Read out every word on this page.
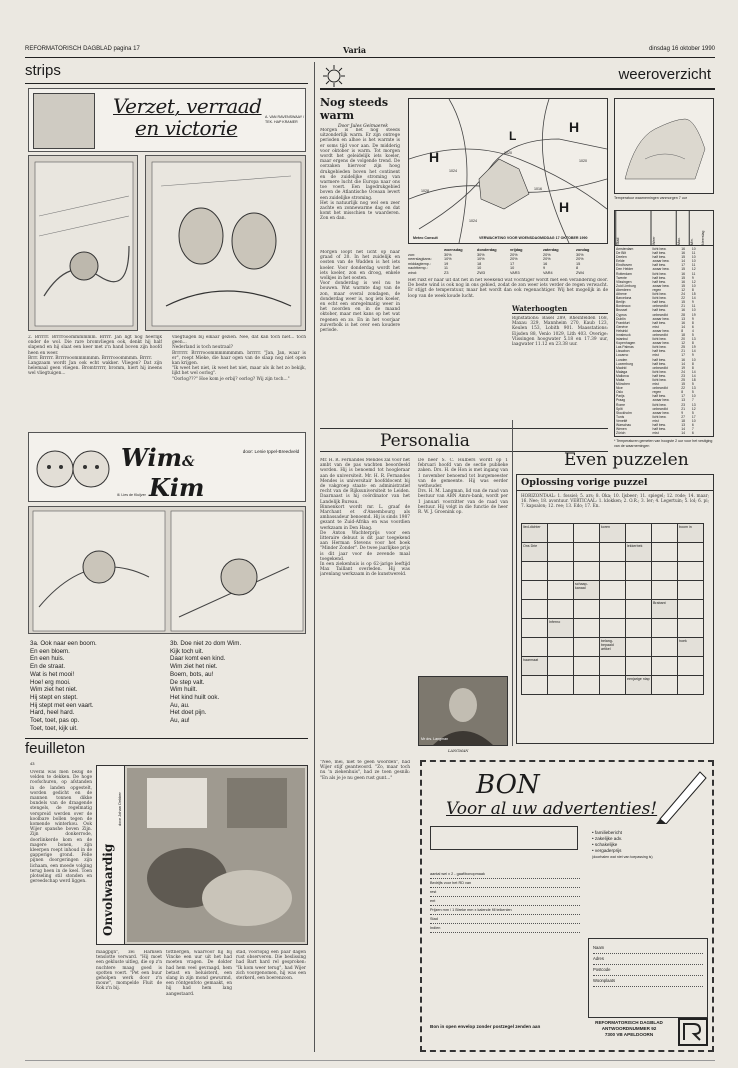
REFORMATORISCH DAGBLAD pagina 17	Varia	dinsdag 16 oktober 1990
strips
Verzet, verraad
en victorie	A. VAN RAVENSWAAY / TEK. HAP KRAMER

2. Brrrrr. Brrrrooommmmmm. Brrrr. Jan ligt nog heerlijk onder de wol. Die rare bromvliegen ook, denkt hij half slapend en hij slaat een keer met z'n hand boven zijn hoofd heen en weer.

Brrr. Brrrrr. Brrrrooommmmmm. Brrrrooommmm. Brrrr.

Langzaam wordt Jan ook echt wakker. Vliegen? Dat zijn helemaal geen vliegen. Bromtrrrrr, bromm, hiert hij ineens wel vliegtuigen...

vliegtuigen bij elkaar gezien. Nee, dat kan toch niet... toch geen...

Nederland is toch neutraal?

Brrrrrr. Brrrrooommmmmmmm. brrrrr. "Jan, Jan, waar is er", roept Mieke, die haar ogen van de slaap nog niet open kan krijgen.

"Ik weet het niet, ik weet het niet, maar als ik het zo bekijk, lijkt het wel oorlog".

"Oorlog???" Hoe kom je erbij? oorlog? Wij zijn toch..."

Wim&
Kim
door: Lenie Ippel-Breedveld
ill. Lies de Kluijver
3a. Ook naar een boom.
En een bloem.
En een huis.
En de straat.
Wat is het mooi!
Hoe! erg mooi.
Wim ziet het niet.
Hij stept en stept.
Hij stept met een vaart.
Hard, heel hard.
Toet, toet, pas op.
Toet, toet, kijk uit.
3b. Doe niet zo dom Wim.
Kijk toch uit.
Daar komt een kind.
Wim ziet het niet.
Boem, bots, au!
De step valt.
Wim huilt.
Het kind huilt ook.
Au, au.
Het doet pijn.
Au, au!
feuilleton
43
Overal was men bezig de velden te dekken. De hoge roofschuren, op afstanden in de landen opgestelt, worden gedicht en de mannen tonnen dikke bundels van de draagende stengels, de regelmatig verspreid werden over de koolbare bollen tegen de komende winterkou. Ook Wijer spanshe boven Zijn. Zijn donkerrode, doorlinkerde kom en de magere bonen, zijn kleerpen roept inhoud in de gapperige grond. Felle pijnen doorgeringen zijn lichaam, een moede volging terug heen in de keel. Toen plotseling stil stonden en gereedschap werd liggen.	Onvolwaardig
door Johan Dekker
maagpijn", zei Harksen tenslotte verward. "Hij moet een gekluste uitleg, die op z'n nuchtere maag goed is spotten voert. "Pet een buur geholpen werk door z'n mouw", mompelde Fluit de Kok z'n bij.
tottnergen, waarvoor hij bij Vincke een uur uit het had moeten vragen. De dokter had hem veel gevraagd, hem betast en beluisterd, een slang in zijn mond gewurmd, een röntgenfoto gemaakt, en hij had hem lang aangestaard.

stad, voorlopig een paar dagen rust observeren. Die beslissing had Bart hard rel gesproken: "Ik kom weer terug", had Wijer zich voorgenomen, hij was een sterkerd, een boerenzoon.

weeroverzicht
Nog steeds warm
Door Jules Geimaerek

Morgen is het nog steeds uitzonderlijk warm. Er zijn ontrege perioden en alhoe is het warmte is er soms tijd voor aan. De midderig voor oktober is warm. Tot morgen wordt het geleidelijk iets koeler, maar ergens de volgende trend. De oorzaken hiervoor zijn hoog drukgebieden boven het continent en de zuidelijke stroming van warmere lucht die Europa naar ons toe voert. Een lagedrukgebied boven de Atlantische Oceaan levert een zuidelijke stroming.

Het is natuurlijk nog wel een zeer zachte en zonnewarme dag en dat komt het misschien te waarderen. Zon en dan.

Morgen loopt het licht op naar graad of 20. In het zuidelijk en oosten van de Wadden is het iets koeler. Voor donderdag wordt het iets koeler, zon en droog, enkele wolkjes in het oosten.

Voor donderdag is wel nu te bouwen. Wat warmte dag van de zon, maar overal zondagen, de donderdag weer is, nog iets koeler, en echt een onregelmatig weer in het noorden en in de maand oktober, maar met kans op het wat regenen en zo. En in het voorjaar zuiverbolk is het over een koudere periode.

H
H
L
H
1028
1024
1020
1016
1020
1024
Meteo Consult	VERWACHTING VOOR WOENSDAGMIDDAG 17 OKTOBER 1990
woensdag	donderdag	vrijdag	zaterdag	zondag
zon:	30%	30%	20%	20%	30%
neerslagkans:	10%	10%	20%	20%	20%
middagtemp.:	19	18	17	16	15
nachttemp.:	11	10	10	9	8
wind:	Z3	ZW3	VAR3	VAR4	ZW4
Het rukt er naar uit dat het in het weekend wat vochtiger wordt met een verandering door. De beste wind is ook nog in ons gebied, zodat de zon weer iets verder de regen verwacht. Er stijgt de temperatuur, maar het wordt dan ook regenachtiger. Wij het mogelijk in de loop van de week koude lucht.
Personalia

Mr. H. R. Fernandes Mendes zal voor het ambt van de pas wachten beoordeeld worden. Hij is benoemd tot hoogleraar aan de universiteit. Mr. H. R. Fernandes Mendes is universitair hoofddocent bij de vakgroep staats- en administratief recht van de Rijksuniversiteit te Leiden. Daarnaast is hij coördinator van het Landelijk Bureau.

Binnenkort wordt mr. L. graaf de Marchant et d'Ansembourg als ambassadeur benoemd. Hij is sinds 1987 gezant te Zuid-Afrika en was voordien werkzaam in Den Haag.

De Anton Wachterprijs voor een litteraire debuut is dit jaar toegekend aan Herman Stevens voor het boek "Minder Zonder". De twee jaarlijkse prijs is dit jaar voor de zevende maal toegekend.

In een ziekenhuis is op 62-jarige leeftijd Max Taillant overleden. Hij was jarenlang werkzaam in de kunstwereld.

De heer S. C. Hulbers wordt op 1 februari hoofd van de sectie publieke zaken. Drs. H. de Hon is met ingang van 1 november benoemd tot burgemeester van de gemeente. Hij was eerder wethouder.

Drs. H. M. Langman, lid van de raad van bestuur van ABN Amro-bank, wordt per 1 januari voorzitter van de raad van bestuur. Hij volgt in die functie de heer R. W. J. Groenink op.

Mr drs. Langman
LANGMAN
Waterhoogten
Rijnstations: Basel 289, Rheinfelden 168, Maxau 329, Mannheim 270, Kaub 123, Keulen 153, Lobith 901. Maasstations: Eijsden 88, Venlo 1029, Lith 403. Overige: Vlissingen hoogwater 5.18 en 17.39 uur, laagwater 11.12 en 23.38 uur.
Temperatuur waarnemingen vanmorgen 7 uur
Stad	Weer	Max.	Min.	Neerslag
Amsterdam	licht bew.	16	10
De Bilt	half bew.	16	11
Deelen	half bew.	15	10
Eelde	zwaar bew.	14	10
Eindhoven	half bew.	17	11
Den Helder	zwaar bew.	15	12
Rotterdam	licht bew.	16	11
Twente	half bew.	15	9
Vlissingen	half bew.	16	12
Zuid Limburg	zwaar bew.	15	10
Aberdeen	regen	12	8
Athene	licht bew.	24	15
Barcelona	licht bew.	22	14
Berlijn	half bew.	15	9
Bordeaux	onbewolkt	21	11
Brussel	half bew.	16	10
Cyprus	onbewolkt	28	19
Dublin	zwaar bew.	13	9
Frankfurt	half bew.	16	8
Genève	mist	14	6
Helsinki	zwaar bew.	8	4
Innsbruck	onbewolkt	18	5
Istanbul	licht bew.	20	13
Kopenhagen	zwaar bew.	12	8
Las Palmas	licht bew.	25	19
Lissabon	half bew.	21	14
Locarno	mist	17	9
Londen	half bew.	16	10
Luxemburg	half bew.	14	8
Madrid	onbewolkt	19	8
Malaga	licht bew.	24	14
Mallorca	half bew.	23	14
Malta	licht bew.	25	18
München	mist	15	5
Nice	onbewolkt	22	13
Oslo	regen	8	5
Parijs	half bew.	17	10
Praag	zwaar bew.	13	7
Rome	licht bew.	23	13
Split	onbewolkt	21	12
Stockholm	zwaar bew.	9	5
Tunis	licht bew.	27	17
Venetië	mist	18	10
Warschau	half bew.	13	6
Wenen	half bew.	14	7
Zürich	mist	14	6
* Temperaturen gemeten van hoogste 2 uur voor het vestiging van de waarnemingen
Even puzzelen
Oplossing vorige puzzel
HORIZONTAAL: 1. fossiel; 5. ars; 8. Oka; 10. Ijsbeer; 11. spiegel; 12. rode; 14. maar; 16. Nee; 18. avontuur. VERTICAAL: 1. klokken; 2. O.R.; 3. Ier; 4. Legertuin; 5. lol; 6. pi; 7. kapsalon; 12. ree; 13. Edo; 17. En.
lied-dichter			koren			boom in
Ons Drie				lekkerbek		

		schaap-kanaal				
					Brabant	
	Inferno					
			belang-bepaald artikel			hoek
haarmaat						
				eenjarige nlap		
BON
Voor al uw advertenties!
• familiebericht
• zakelijke adv.
• schakelijke
• vergaderprijs
(doorhalen wat niet van toepassing is)
aantal wei x 2 - gaaf/bonopmaak
Bedrijfs voor het RD van
rest
ent
Prijzen mm / 1 Bireke mm x kalende fill teikenien
Stad
Indien
Naam
Adres
Postcode
Woonplaats
Bon in open envelop zonder postzegel zenden aan
REFORMATORISCH DAGBLAD
ANTWOORDNUMMER 92
7300 VB APELDOORN
"Nee, mei, niet te geen woorden", had Wijer stijf geantwoord. "Zo, maar toch nu 'n ziekenhuis", had ze toen gesnik: "En als je je nu geen rust gunt..."
